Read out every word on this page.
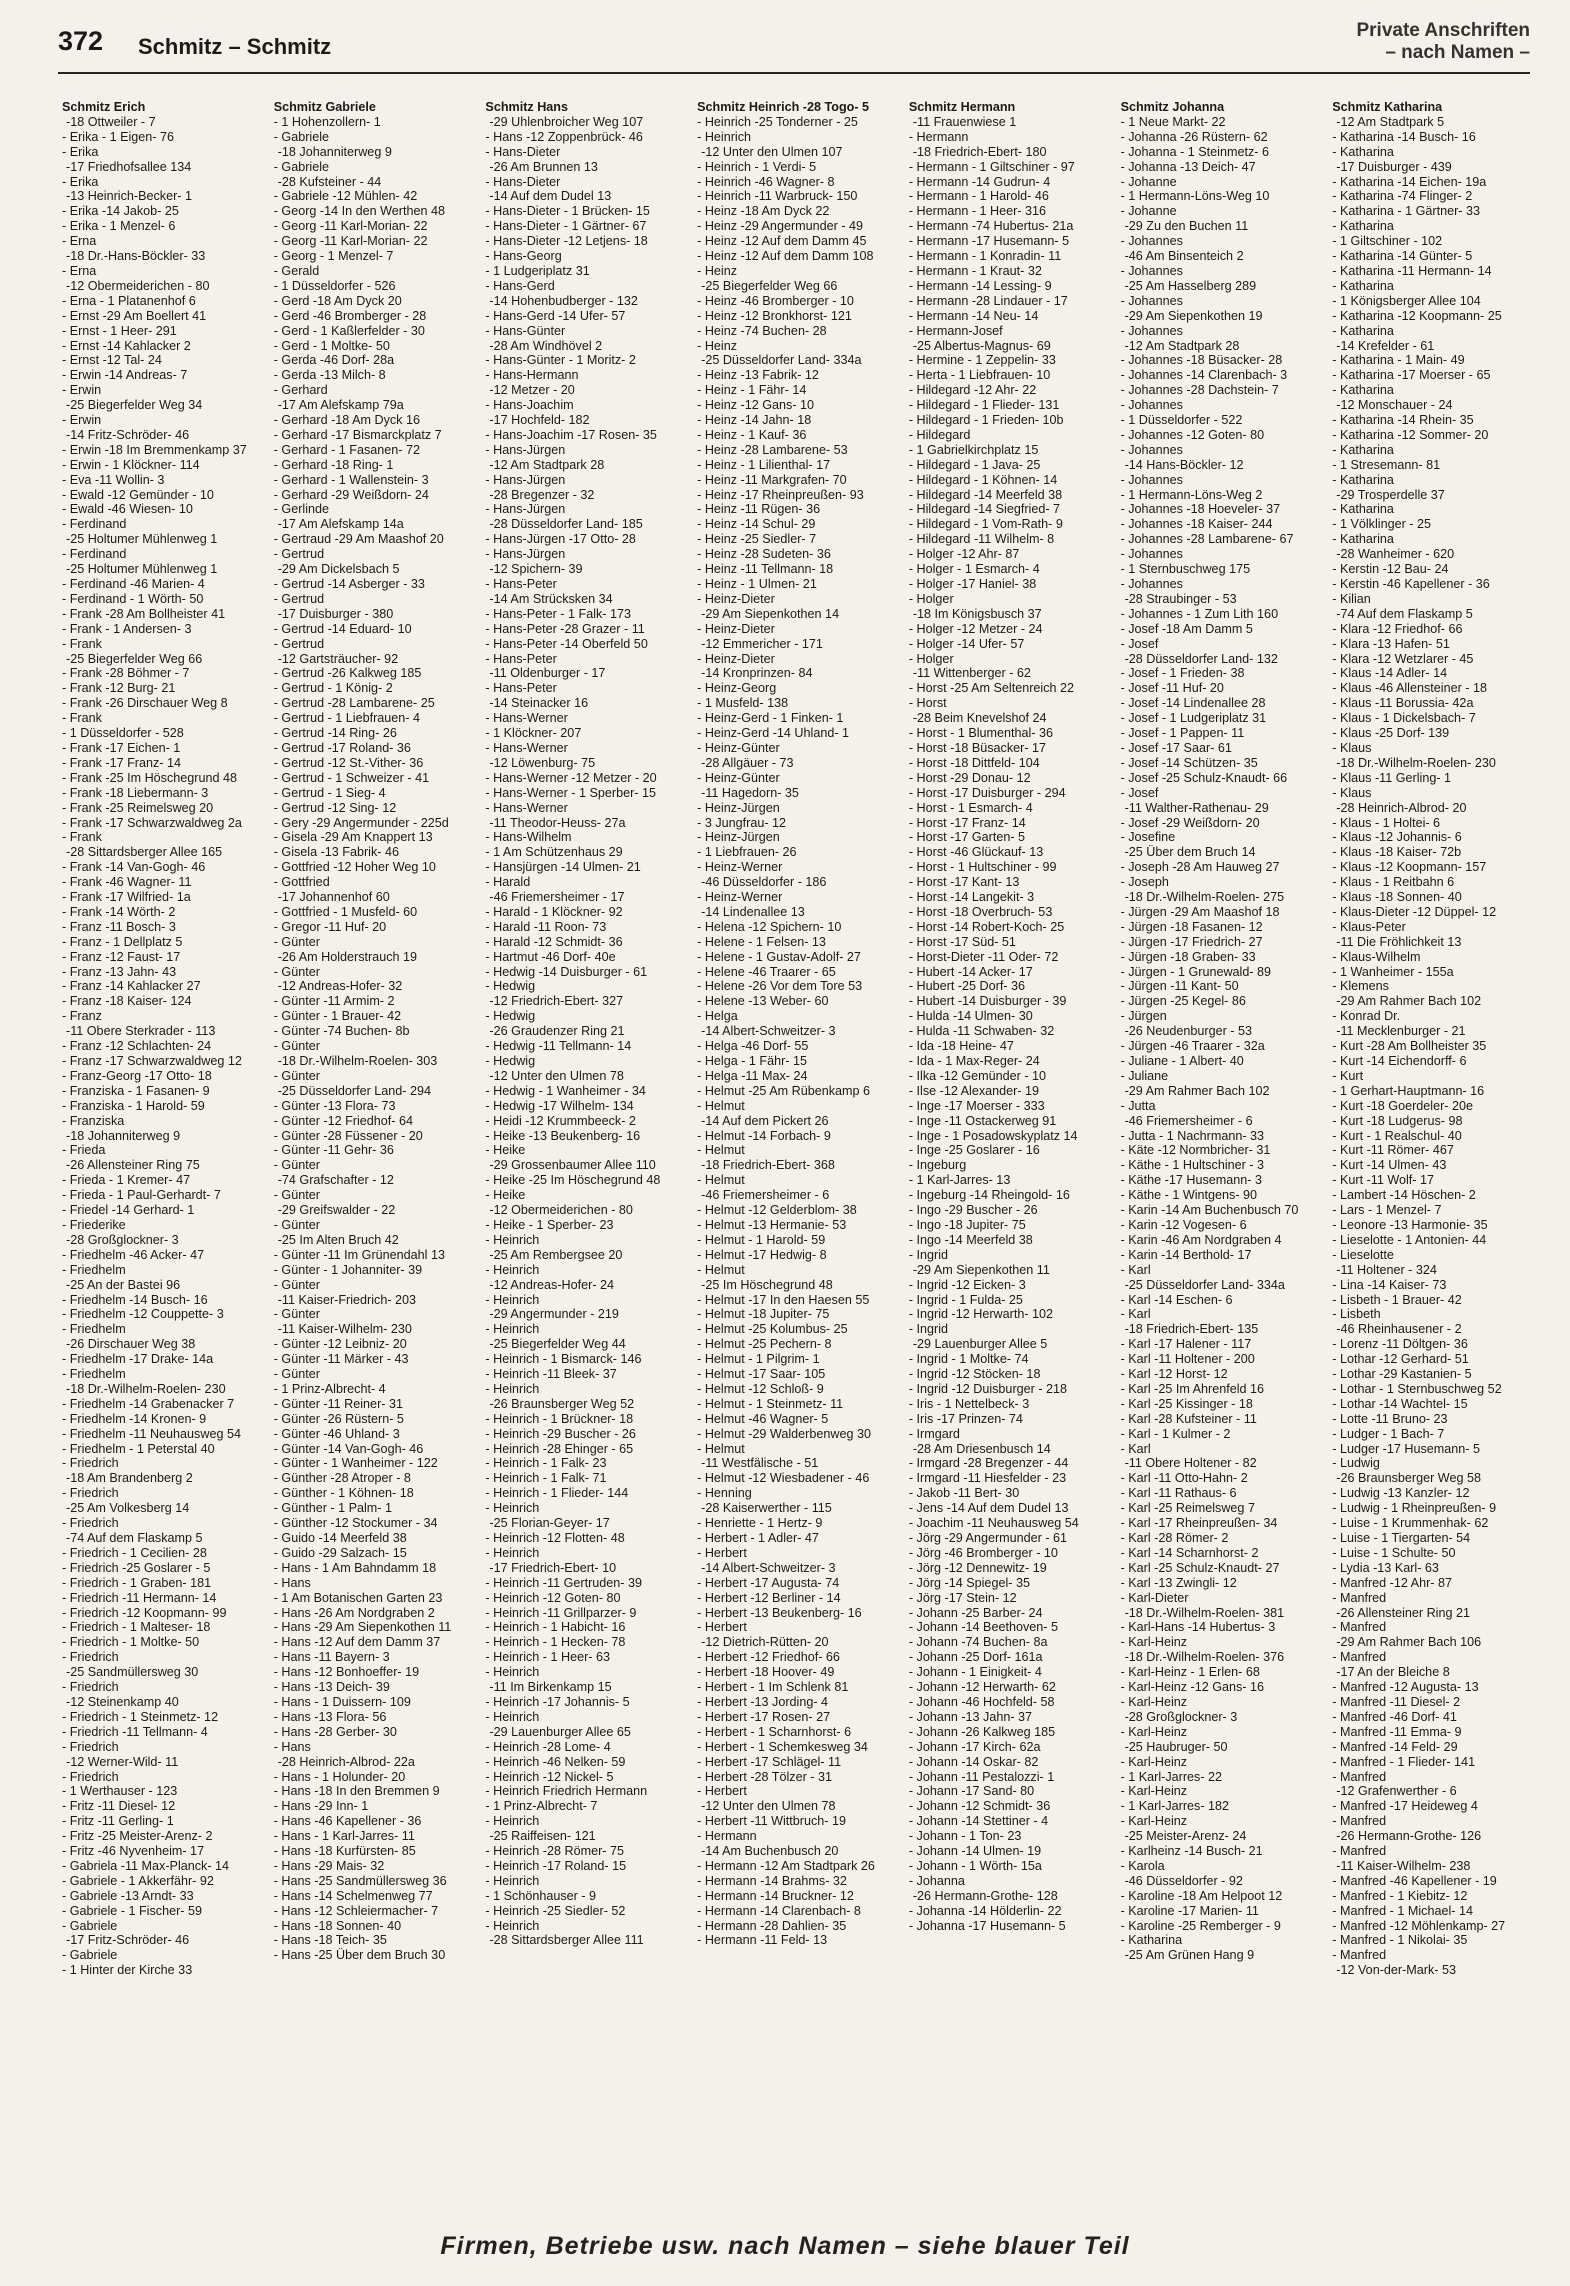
372 Schmitz – Schmitz
Private Anschriften
– nach Namen –
Schmitz Erich
-18 Ottweiler - 7
- Erika - 1 Eigen- 76
- Erika
-17 Friedhofsallee 134
- Erika
-13 Heinrich-Becker- 1
- Erika -14 Jakob- 25
- Erika - 1 Menzel- 6
- Erna
-18 Dr.-Hans-Böckler- 33
- Erna
-12 Obermeiderichen - 80
- Erna - 1 Platanenhof 6
- Ernst -29 Am Boellert 41
- Ernst - 1 Heer- 291
- Ernst -14 Kahlacker 2
- Ernst -12 Tal- 24
- Erwin -14 Andreas- 7
- Erwin
-25 Biegerfelder Weg 34
- Erwin
-14 Fritz-Schröder- 46
- Erwin -18 Im Bremmenkamp 37
- Erwin - 1 Klöckner- 114
- Eva -11 Wollin- 3
- Ewald -12 Gemünder - 10
- Ewald -46 Wiesen- 10
- Ferdinand
-25 Holtumer Mühlenweg 1
- Ferdinand
-25 Holtumer Mühlenweg 1
- Ferdinand -46 Marien- 4
- Ferdinand - 1 Wörth- 50
- Frank -28 Am Bollheister 41
- Frank - 1 Andersen- 3
- Frank
-25 Biegerfelder Weg 66
- Frank -28 Böhmer - 7
- Frank -12 Burg- 21
- Frank -26 Dirschauer Weg 8
- Frank
- 1 Düsseldorfer - 528
- Frank -17 Eichen- 1
- Frank -17 Franz- 14
- Frank -25 Im Höschegrund 48
- Frank -18 Liebermann- 3
- Frank -25 Reimelsweg 20
- Frank -17 Schwarzwaldweg 2a
- Frank
-28 Sittardsberger Allee 165
- Frank -14 Van-Gogh- 46
- Frank -46 Wagner- 11
- Frank -17 Wilfried- 1a
- Frank -14 Wörth- 2
- Franz -11 Bosch- 3
- Franz - 1 Dellplatz 5
- Franz -12 Faust- 17
- Franz -13 Jahn- 43
- Franz -14 Kahlacker 27
- Franz -18 Kaiser- 124
- Franz
-11 Obere Sterkrader - 113
- Franz -12 Schlachten- 24
- Franz -17 Schwarzwaldweg 12
- Franz-Georg -17 Otto- 18
- Franziska - 1 Fasanen- 9
- Franziska - 1 Harold- 59
- Franziska
-18 Johanniterweg 9
- Frieda
-26 Allensteiner Ring 75
- Frieda - 1 Kremer- 47
- Frieda - 1 Paul-Gerhardt- 7
- Friedel -14 Gerhard- 1
- Friederike
-28 Großglockner- 3
- Friedhelm -46 Acker- 47
- Friedhelm
-25 An der Bastei 96
- Friedhelm -14 Busch- 16
- Friedhelm -12 Couppette- 3
- Friedhelm
-26 Dirschauer Weg 38
- Friedhelm -17 Drake- 14a
- Friedhelm
-18 Dr.-Wilhelm-Roelen- 230
- Friedhelm -14 Grabenacker 7
- Friedhelm -14 Kronen- 9
- Friedhelm -11 Neuhausweg 54
- Friedhelm - 1 Peterstal 40
- Friedrich
-18 Am Brandenberg 2
- Friedrich
-25 Am Volkesberg 14
- Friedrich
-74 Auf dem Flaskamp 5
- Friedrich - 1 Cecilien- 28
- Friedrich -25 Goslarer - 5
- Friedrich - 1 Graben- 181
- Friedrich -11 Hermann- 14
- Friedrich -12 Koopmann- 99
- Friedrich - 1 Malteser- 18
- Friedrich - 1 Moltke- 50
- Friedrich
-25 Sandmüllersweg 30
- Friedrich
-12 Steinenkamp 40
- Friedrich - 1 Steinmetz- 12
- Friedrich -11 Tellmann- 4
- Friedrich
-12 Werner-Wild- 11
- Friedrich
- 1 Werthauser - 123
- Fritz -11 Diesel- 12
- Fritz -11 Gerling- 1
- Fritz -25 Meister-Arenz- 2
- Fritz -46 Nyvenheim- 17
- Gabriela -11 Max-Planck- 14
- Gabriele - 1 Akkerfähr- 92
- Gabriele -13 Arndt- 33
- Gabriele - 1 Fischer- 59
- Gabriele
-17 Fritz-Schröder- 46
- Gabriele
- 1 Hinter der Kirche 33
Schmitz Gabriele
- 1 Hohenzollern- 1
- Gabriele
-18 Johanniterweg 9
- Gabriele
-28 Kufsteiner - 44
- Gabriele -12 Mühlen- 42
- Georg -14 In den Werthen 48
- Georg -11 Karl-Morian- 22
- Georg -11 Karl-Morian- 22
- Georg - 1 Menzel- 7
- Gerald
- 1 Düsseldorfer - 526
- Gerd -18 Am Dyck 20
- Gerd -46 Bromberger - 28
- Gerd - 1 Kaßlerfelder - 30
- Gerd - 1 Moltke- 50
- Gerda -46 Dorf- 28a
- Gerda -13 Milch- 8
- Gerhard
-17 Am Alefskamp 79a
- Gerhard -18 Am Dyck 16
- Gerhard -17 Bismarckplatz 7
- Gerhard - 1 Fasanen- 72
- Gerhard -18 Ring- 1
- Gerhard - 1 Wallenstein- 3
- Gerhard -29 Weißdorn- 24
- Gerlinde
-17 Am Alefskamp 14a
- Gertraud -29 Am Maashof 20
- Gertrud
-29 Am Dickelsbach 5
- Gertrud -14 Asberger - 33
- Gertrud
-17 Duisburger - 380
- Gertrud -14 Eduard- 10
- Gertrud
-12 Gartsträucher- 92
- Gertrud -26 Kalkweg 185
- Gertrud - 1 König- 2
- Gertrud -28 Lambarene- 25
- Gertrud - 1 Liebfrauen- 4
- Gertrud -14 Ring- 26
- Gertrud -17 Roland- 36
- Gertrud -12 St.-Vither- 36
- Gertrud - 1 Schweizer - 41
- Gertrud - 1 Sieg- 4
- Gertrud -12 Sing- 12
- Gery -29 Angermunder - 225d
- Gisela -29 Am Knappert 13
- Gisela -13 Fabrik- 46
- Gottfried -12 Hoher Weg 10
- Gottfried
-17 Johannenhof 60
- Gottfried - 1 Musfeld- 60
- Gregor -11 Huf- 20
- Günter
-26 Am Holderstrauch 19
- Günter
-12 Andreas-Hofer- 32
- Günter -11 Armim- 2
- Günter - 1 Brauer- 42
- Günter -74 Buchen- 8b
- Günter
-18 Dr.-Wilhelm-Roelen- 303
- Günter
-25 Düsseldorfer Land- 294
- Günter -13 Flora- 73
- Günter -12 Friedhof- 64
- Günter -28 Füssener - 20
- Günter -11 Gehr- 36
- Günter
-74 Grafschafter - 12
- Günter
-29 Greifswalder - 22
- Günter
-25 Im Alten Bruch 42
- Günter -11 Im Grünendahl 13
- Günter - 1 Johanniter- 39
- Günter
-11 Kaiser-Friedrich- 203
- Günter
-11 Kaiser-Wilhelm- 230
- Günter -12 Leibniz- 20
- Günter -11 Märker - 43
- Günter
- 1 Prinz-Albrecht- 4
- Günter -11 Reiner- 31
- Günter -26 Rüstern- 5
- Günter -46 Uhland- 3
- Günter -14 Van-Gogh- 46
- Günter - 1 Wanheimer - 122
- Günther -28 Atroper - 8
- Günther - 1 Köhnen- 18
- Günther - 1 Palm- 1
- Günther -12 Stockumer - 34
- Guido -14 Meerfeld 38
- Guido -29 Salzach- 15
- Hans - 1 Am Bahndamm 18
- Hans
- 1 Am Botanischen Garten 23
- Hans -26 Am Nordgraben 2
- Hans -29 Am Siepenkothen 11
- Hans -12 Auf dem Damm 37
- Hans -11 Bayern- 3
- Hans -12 Bonhoeffer- 19
- Hans -13 Deich- 39
- Hans - 1 Duissern- 109
- Hans -13 Flora- 56
- Hans -28 Gerber- 30
- Hans
-28 Heinrich-Albrod- 22a
- Hans - 1 Holunder- 20
- Hans -18 In den Bremmen 9
- Hans -29 Inn- 1
- Hans -46 Kapellener - 36
- Hans - 1 Karl-Jarres- 11
- Hans -18 Kurfürsten- 85
- Hans -29 Mais- 32
- Hans -25 Sandmüllersweg 36
- Hans -14 Schelmenweg 77
- Hans -12 Schleiermacher- 7
- Hans -18 Sonnen- 40
- Hans -18 Teich- 35
- Hans -25 Über dem Bruch 30
Schmitz Hans
-29 Uhlenbroicher Weg 107
- Hans -12 Zoppenbrück- 46
- Hans-Dieter
-26 Am Brunnen 13
- Hans-Dieter
-14 Auf dem Dudel 13
- Hans-Dieter - 1 Brücken- 15
- Hans-Dieter - 1 Gärtner- 67
- Hans-Dieter -12 Letjens- 18
- Hans-Georg
- 1 Ludgeriplatz 31
- Hans-Gerd
-14 Hohenbudberger - 132
- Hans-Gerd -14 Ufer- 57
- Hans-Günter
-28 Am Windhövel 2
- Hans-Günter - 1 Moritz- 2
- Hans-Hermann
-12 Metzer - 20
- Hans-Joachim
-17 Hochfeld- 182
- Hans-Joachim -17 Rosen- 35
- Hans-Jürgen
-12 Am Stadtpark 28
- Hans-Jürgen
-28 Bregenzer - 32
- Hans-Jürgen
-28 Düsseldorfer Land- 185
- Hans-Jürgen -17 Otto- 28
- Hans-Jürgen
-12 Spichern- 39
- Hans-Peter
-14 Am Strücksken 34
- Hans-Peter - 1 Falk- 173
- Hans-Peter -28 Grazer - 11
- Hans-Peter -14 Oberfeld 50
- Hans-Peter
-11 Oldenburger - 17
- Hans-Peter
-14 Steinacker 16
- Hans-Werner
- 1 Klöckner- 207
- Hans-Werner
-12 Löwenburg- 75
- Hans-Werner -12 Metzer - 20
- Hans-Werner - 1 Sperber- 15
- Hans-Werner
-11 Theodor-Heuss- 27a
- Hans-Wilhelm
- 1 Am Schützenhaus 29
- Hansjürgen -14 Ulmen- 21
- Harald
-46 Friemersheimer - 17
- Harald - 1 Klöckner- 92
- Harald -11 Roon- 73
- Harald -12 Schmidt- 36
- Hartmut -46 Dorf- 40e
- Hedwig -14 Duisburger - 61
- Hedwig
-12 Friedrich-Ebert- 327
- Hedwig
-26 Graudenzer Ring 21
- Hedwig -11 Tellmann- 14
- Hedwig
-12 Unter den Ulmen 78
- Hedwig - 1 Wanheimer - 34
- Hedwig -17 Wilhelm- 134
- Heidi -12 Krummbeeck- 2
- Heike -13 Beukenberg- 16
- Heike
-29 Grossenbaumer Allee 110
- Heike -25 Im Höschegrund 48
- Heike
-12 Obermeiderichen - 80
- Heike - 1 Sperber- 23
- Heinrich
-25 Am Rembergsee 20
- Heinrich
-12 Andreas-Hofer- 24
- Heinrich
-29 Angermunder - 219
- Heinrich
-25 Biegerfelder Weg 44
- Heinrich - 1 Bismarck- 146
- Heinrich -11 Bleek- 37
- Heinrich
-26 Braunsberger Weg 52
- Heinrich - 1 Brückner- 18
- Heinrich -29 Buscher - 26
- Heinrich -28 Ehinger - 65
- Heinrich - 1 Falk- 23
- Heinrich - 1 Falk- 71
- Heinrich - 1 Flieder- 144
- Heinrich
-25 Florian-Geyer- 17
- Heinrich -12 Flotten- 48
- Heinrich
-17 Friedrich-Ebert- 10
- Heinrich -11 Gertruden- 39
- Heinrich -12 Goten- 80
- Heinrich -11 Grillparzer- 9
- Heinrich - 1 Habicht- 16
- Heinrich - 1 Hecken- 78
- Heinrich - 1 Heer- 63
- Heinrich
-11 Im Birkenkamp 15
- Heinrich -17 Johannis- 5
- Heinrich
-29 Lauenburger Allee 65
- Heinrich -28 Lome- 4
- Heinrich -46 Nelken- 59
- Heinrich -12 Nickel- 5
- Heinrich Friedrich Hermann
- 1 Prinz-Albrecht- 7
- Heinrich
-25 Raiffeisen- 121
- Heinrich -28 Römer- 75
- Heinrich -17 Roland- 15
- Heinrich
- 1 Schönhauser - 9
- Heinrich -25 Siedler- 52
- Heinrich
-28 Sittardsberger Allee 111
Schmitz Heinrich -28 Togo- 5
- Heinrich -25 Tonderner - 25
- Heinrich
-12 Unter den Ulmen 107
- Heinrich - 1 Verdi- 5
- Heinrich -46 Wagner- 8
- Heinrich -11 Warbruck- 150
- Heinz -18 Am Dyck 22
- Heinz -29 Angermunder - 49
- Heinz -12 Auf dem Damm 45
- Heinz -12 Auf dem Damm 108
- Heinz
-25 Biegerfelder Weg 66
- Heinz -46 Bromberger - 10
- Heinz -12 Bronkhorst- 121
- Heinz -74 Buchen- 28
- Heinz
-25 Düsseldorfer Land- 334a
- Heinz -13 Fabrik- 12
- Heinz - 1 Fähr- 14
- Heinz -12 Gans- 10
- Heinz -14 Jahn- 18
- Heinz - 1 Kauf- 36
- Heinz -28 Lambarene- 53
- Heinz - 1 Lilienthal- 17
- Heinz -11 Markgrafen- 70
- Heinz -17 Rheinpreußen- 93
- Heinz -11 Rügen- 36
- Heinz -14 Schul- 29
- Heinz -25 Siedler- 7
- Heinz -28 Sudeten- 36
- Heinz -11 Tellmann- 18
- Heinz - 1 Ulmen- 21
- Heinz-Dieter
-29 Am Siepenkothen 14
- Heinz-Dieter
-12 Emmericher - 171
- Heinz-Dieter
-14 Kronprinzen- 84
- Heinz-Georg
- 1 Musfeld- 138
- Heinz-Gerd - 1 Finken- 1
- Heinz-Gerd -14 Uhland- 1
- Heinz-Günter
-28 Allgäuer - 73
- Heinz-Günter
-11 Hagedorn- 35
- Heinz-Jürgen
- 3 Jungfrau- 12
- Heinz-Jürgen
- 1 Liebfrauen- 26
- Heinz-Werner
-46 Düsseldorfer - 186
- Heinz-Werner
-14 Lindenallee 13
- Helena -12 Spichern- 10
- Helene - 1 Felsen- 13
- Helene - 1 Gustav-Adolf- 27
- Helene -46 Traarer - 65
- Helene -26 Vor dem Tore 53
- Helene -13 Weber- 60
- Helga
-14 Albert-Schweitzer- 3
- Helga -46 Dorf- 55
- Helga - 1 Fähr- 15
- Helga -11 Max- 24
- Helmut -25 Am Rübenkamp 6
- Helmut
-14 Auf dem Pickert 26
- Helmut -14 Forbach- 9
- Helmut
-18 Friedrich-Ebert- 368
- Helmut
-46 Friemersheimer - 6
- Helmut -12 Gelderblom- 38
- Helmut -13 Hermanie- 53
- Helmut - 1 Harold- 59
- Helmut -17 Hedwig- 8
- Helmut
-25 Im Höschegrund 48
- Helmut -17 In den Haesen 55
- Helmut -18 Jupiter- 75
- Helmut -25 Kolumbus- 25
- Helmut -25 Pechern- 8
- Helmut - 1 Pilgrim- 1
- Helmut -17 Saar- 105
- Helmut -12 Schloß- 9
- Helmut - 1 Steinmetz- 11
- Helmut -46 Wagner- 5
- Helmut -29 Walderbenweg 30
- Helmut
-11 Westfälische - 51
- Helmut -12 Wiesbadener - 46
- Henning
-28 Kaiserwerther - 115
- Henriette - 1 Hertz- 9
- Herbert - 1 Adler- 47
- Herbert
-14 Albert-Schweitzer- 3
- Herbert -17 Augusta- 74
- Herbert -12 Berliner - 14
- Herbert -13 Beukenberg- 16
- Herbert
-12 Dietrich-Rütten- 20
- Herbert -12 Friedhof- 66
- Herbert -18 Hoover- 49
- Herbert - 1 Im Schlenk 81
- Herbert -13 Jording- 4
- Herbert -17 Rosen- 27
- Herbert - 1 Scharnhorst- 6
- Herbert - 1 Schemkesweg 34
- Herbert -17 Schlägel- 11
- Herbert -28 Tölzer - 31
- Herbert
-12 Unter den Ulmen 78
- Herbert -11 Wittbruch- 19
- Hermann
-14 Am Buchenbusch 20
- Hermann -12 Am Stadtpark 26
- Hermann -14 Brahms- 32
- Hermann -14 Bruckner- 12
- Hermann -14 Clarenbach- 8
- Hermann -28 Dahlien- 35
- Hermann -11 Feld- 13
Schmitz Hermann
-11 Frauenwiese 1
- Hermann
-18 Friedrich-Ebert- 180
- Hermann - 1 Giltschiner - 97
- Hermann -14 Gudrun- 4
- Hermann - 1 Harold- 46
- Hermann - 1 Heer- 316
- Hermann -74 Hubertus- 21a
- Hermann -17 Husemann- 5
- Hermann - 1 Konradin- 11
- Hermann - 1 Kraut- 32
- Hermann -14 Lessing- 9
- Hermann -28 Lindauer - 17
- Hermann -14 Neu- 14
- Hermann-Josef
-25 Albertus-Magnus- 69
- Hermine - 1 Zeppelin- 33
- Herta - 1 Liebfrauen- 10
- Hildegard -12 Ahr- 22
- Hildegard - 1 Flieder- 131
- Hildegard - 1 Frieden- 10b
- Hildegard
- 1 Gabrielkirchplatz 15
- Hildegard - 1 Java- 25
- Hildegard - 1 Köhnen- 14
- Hildegard -14 Meerfeld 38
- Hildegard -14 Siegfried- 7
- Hildegard - 1 Vom-Rath- 9
- Hildegard -11 Wilhelm- 8
- Holger -12 Ahr- 87
- Holger - 1 Esmarch- 4
- Holger -17 Haniel- 38
- Holger
-18 Im Königsbusch 37
- Holger -12 Metzer - 24
- Holger -14 Ufer- 57
- Holger
-11 Wittenberger - 62
- Horst -25 Am Seltenreich 22
- Horst
-28 Beim Knevelshof 24
- Horst - 1 Blumenthal- 36
- Horst -18 Büsacker- 17
- Horst -18 Dittfeld- 104
- Horst -29 Donau- 12
- Horst -17 Duisburger - 294
- Horst - 1 Esmarch- 4
- Horst -17 Franz- 14
- Horst -17 Garten- 5
- Horst -46 Glückauf- 13
- Horst - 1 Hultschiner - 99
- Horst -17 Kant- 13
- Horst -14 Langekit- 3
- Horst -18 Overbruch- 53
- Horst -14 Robert-Koch- 25
- Horst -17 Süd- 51
- Horst-Dieter -11 Oder- 72
- Hubert -14 Acker- 17
- Hubert -25 Dorf- 36
- Hubert -14 Duisburger - 39
- Hulda -14 Ulmen- 30
- Hulda -11 Schwaben- 32
- Ida -18 Heine- 47
- Ida - 1 Max-Reger- 24
- Ilka -12 Gemünder - 10
- Ilse -12 Alexander- 19
- Inge -17 Moerser - 333
- Inge -11 Ostackerweg 91
- Inge - 1 Posadowskyplatz 14
- Inge -25 Goslarer - 16
- Ingeburg
- 1 Karl-Jarres- 13
- Ingeburg -14 Rheingold- 16
- Ingo -29 Buscher - 26
- Ingo -18 Jupiter- 75
- Ingo -14 Meerfeld 38
- Ingrid
-29 Am Siepenkothen 11
- Ingrid -12 Eicken- 3
- Ingrid - 1 Fulda- 25
- Ingrid -12 Herwarth- 102
- Ingrid
-29 Lauenburger Allee 5
- Ingrid - 1 Moltke- 74
- Ingrid -12 Stöcken- 18
- Ingrid -12 Duisburger - 218
- Iris - 1 Nettelbeck- 3
- Iris -17 Prinzen- 74
- Irmgard
-28 Am Driesenbusch 14
- Irmgard -28 Bregenzer - 44
- Irmgard -11 Hiesfelder - 23
- Jakob -11 Bert- 30
- Jens -14 Auf dem Dudel 13
- Joachim -11 Neuhausweg 54
- Jörg -29 Angermunder - 61
- Jörg -46 Bromberger - 10
- Jörg -12 Dennewitz- 19
- Jörg -14 Spiegel- 35
- Jörg -17 Stein- 12
- Johann -25 Barber- 24
- Johann -14 Beethoven- 5
- Johann -74 Buchen- 8a
- Johann -25 Dorf- 161a
- Johann - 1 Einigkeit- 4
- Johann -12 Herwarth- 62
- Johann -46 Hochfeld- 58
- Johann -13 Jahn- 37
- Johann -26 Kalkweg 185
- Johann -17 Kirch- 62a
- Johann -14 Oskar- 82
- Johann -11 Pestalozzi- 1
- Johann -17 Sand- 80
- Johann -12 Schmidt- 36
- Johann -14 Stettiner - 4
- Johann - 1 Ton- 23
- Johann -14 Ulmen- 19
- Johann - 1 Wörth- 15a
- Johanna
-26 Hermann-Grothe- 128
- Johanna -14 Hölderlin- 22
- Johanna -17 Husemann- 5
Schmitz Johanna
- 1 Neue Markt- 22
- Johanna -26 Rüstern- 62
- Johanna - 1 Steinmetz- 6
- Johanna -13 Deich- 47
- Johanne
- 1 Hermann-Löns-Weg 10
- Johanne
-29 Zu den Buchen 11
- Johannes
-46 Am Binsenteich 2
- Johannes
-25 Am Hasselberg 289
- Johannes
-29 Am Siepenkothen 19
- Johannes
-12 Am Stadtpark 28
- Johannes -18 Büsacker- 28
- Johannes -14 Clarenbach- 3
- Johannes -28 Dachstein- 7
- Johannes
- 1 Düsseldorfer - 522
- Johannes -12 Goten- 80
- Johannes
-14 Hans-Böckler- 12
- Johannes
- 1 Hermann-Löns-Weg 2
- Johannes -18 Hoeveler- 37
- Johannes -18 Kaiser- 244
- Johannes -28 Lambarene- 67
- Johannes
- 1 Sternbuschweg 175
- Johannes
-28 Straubinger - 53
- Johannes - 1 Zum Lith 160
- Josef -18 Am Damm 5
- Josef
-28 Düsseldorfer Land- 132
- Josef - 1 Frieden- 38
- Josef -11 Huf- 20
- Josef -14 Lindenallee 28
- Josef - 1 Ludgeriplatz 31
- Josef - 1 Pappen- 11
- Josef -17 Saar- 61
- Josef -14 Schützen- 35
- Josef -25 Schulz-Knaudt- 66
- Josef
-11 Walther-Rathenau- 29
- Josef -29 Weißdorn- 20
- Josefine
-25 Über dem Bruch 14
- Joseph -28 Am Hauweg 27
- Joseph
-18 Dr.-Wilhelm-Roelen- 275
- Jürgen -29 Am Maashof 18
- Jürgen -18 Fasanen- 12
- Jürgen -17 Friedrich- 27
- Jürgen -18 Graben- 33
- Jürgen - 1 Grunewald- 89
- Jürgen -11 Kant- 50
- Jürgen -25 Kegel- 86
- Jürgen
-26 Neudenburger - 53
- Jürgen -46 Traarer - 32a
- Juliane - 1 Albert- 40
- Juliane
-29 Am Rahmer Bach 102
- Jutta
-46 Friemersheimer - 6
- Jutta - 1 Nachrmann- 33
- Käte -12 Normbricher- 31
- Käthe - 1 Hultschiner - 3
- Käthe -17 Husemann- 3
- Käthe - 1 Wintgens- 90
- Karin -14 Am Buchenbusch 70
- Karin -12 Vogesen- 6
- Karin -46 Am Nordgraben 4
- Karin -14 Berthold- 17
- Karl
-25 Düsseldorfer Land- 334a
- Karl -14 Eschen- 6
- Karl
-18 Friedrich-Ebert- 135
- Karl -17 Halener - 117
- Karl -11 Holtener - 200
- Karl -12 Horst- 12
- Karl -25 Im Ahrenfeld 16
- Karl -25 Kissinger - 18
- Karl -28 Kufsteiner - 11
- Karl - 1 Kulmer - 2
- Karl
-11 Obere Holtener - 82
- Karl -11 Otto-Hahn- 2
- Karl -11 Rathaus- 6
- Karl -25 Reimelsweg 7
- Karl -17 Rheinpreußen- 34
- Karl -28 Römer- 2
- Karl -14 Scharnhorst- 2
- Karl -25 Schulz-Knaudt- 27
- Karl -13 Zwingli- 12
- Karl-Dieter
-18 Dr.-Wilhelm-Roelen- 381
- Karl-Hans -14 Hubertus- 3
- Karl-Heinz
-18 Dr.-Wilhelm-Roelen- 376
- Karl-Heinz - 1 Erlen- 68
- Karl-Heinz -12 Gans- 16
- Karl-Heinz
-28 Großglockner- 3
- Karl-Heinz
-25 Haubruger- 50
- Karl-Heinz
- 1 Karl-Jarres- 22
- Karl-Heinz
- 1 Karl-Jarres- 182
- Karl-Heinz
-25 Meister-Arenz- 24
- Karlheinz -14 Busch- 21
- Karola
-46 Düsseldorfer - 92
- Karoline -18 Am Helpoot 12
- Karoline -17 Marien- 11
- Karoline -25 Remberger - 9
- Katharina
-25 Am Grünen Hang 9
Schmitz Katharina
-12 Am Stadtpark 5
- Katharina -14 Busch- 16
- Katharina
-17 Duisburger - 439
- Katharina -14 Eichen- 19a
- Katharina -74 Flinger- 2
- Katharina - 1 Gärtner- 33
- Katharina
- 1 Giltschiner - 102
- Katharina -14 Günter- 5
- Katharina -11 Hermann- 14
- Katharina
- 1 Königsberger Allee 104
- Katharina -12 Koopmann- 25
- Katharina
-14 Krefelder - 61
- Katharina - 1 Main- 49
- Katharina -17 Moerser - 65
- Katharina
-12 Monschauer - 24
- Katharina -14 Rhein- 35
- Katharina -12 Sommer- 20
- Katharina
- 1 Stresemann- 81
- Katharina
-29 Trosperdelle 37
- Katharina
- 1 Völklinger - 25
- Katharina
-28 Wanheimer - 620
- Kerstin -12 Bau- 24
- Kerstin -46 Kapellener - 36
- Kilian
-74 Auf dem Flaskamp 5
- Klara -12 Friedhof- 66
- Klara -13 Hafen- 51
- Klara -12 Wetzlarer - 45
- Klaus -14 Adler- 14
- Klaus -46 Allensteiner - 18
- Klaus -11 Borussia- 42a
- Klaus - 1 Dickelsbach- 7
- Klaus -25 Dorf- 139
- Klaus
-18 Dr.-Wilhelm-Roelen- 230
- Klaus -11 Gerling- 1
- Klaus
-28 Heinrich-Albrod- 20
- Klaus - 1 Holtei- 6
- Klaus -12 Johannis- 6
- Klaus -18 Kaiser- 72b
- Klaus -12 Koopmann- 157
- Klaus - 1 Reitbahn 6
- Klaus -18 Sonnen- 40
- Klaus-Dieter -12 Düppel- 12
- Klaus-Peter
-11 Die Fröhlichkeit 13
- Klaus-Wilhelm
- 1 Wanheimer - 155a
- Klemens
-29 Am Rahmer Bach 102
- Konrad Dr.
-11 Mecklenburger - 21
- Kurt -28 Am Bollheister 35
- Kurt -14 Eichendorff- 6
- Kurt
- 1 Gerhart-Hauptmann- 16
- Kurt -18 Goerdeler- 20e
- Kurt -18 Ludgerus- 98
- Kurt - 1 Realschul- 40
- Kurt -11 Römer- 467
- Kurt -14 Ulmen- 43
- Kurt -11 Wolf- 17
- Lambert -14 Höschen- 2
- Lars - 1 Menzel- 7
- Leonore -13 Harmonie- 35
- Lieselotte - 1 Antonien- 44
- Lieselotte
-11 Holtener - 324
- Lina -14 Kaiser- 73
- Lisbeth - 1 Brauer- 42
- Lisbeth
-46 Rheinhausener - 2
- Lorenz -11 Döltgen- 36
- Lothar -12 Gerhard- 51
- Lothar -29 Kastanien- 5
- Lothar - 1 Sternbuschweg 52
- Lothar -14 Wachtel- 15
- Lotte -11 Bruno- 23
- Ludger - 1 Bach- 7
- Ludger -17 Husemann- 5
- Ludwig
-26 Braunsberger Weg 58
- Ludwig -13 Kanzler- 12
- Ludwig - 1 Rheinpreußen- 9
- Luise - 1 Krummenhak- 62
- Luise - 1 Tiergarten- 54
- Luise - 1 Schulte- 50
- Lydia -13 Karl- 63
- Manfred -12 Ahr- 87
- Manfred
-26 Allensteiner Ring 21
- Manfred
-29 Am Rahmer Bach 106
- Manfred
-17 An der Bleiche 8
- Manfred -12 Augusta- 13
- Manfred -11 Diesel- 2
- Manfred -46 Dorf- 41
- Manfred -11 Emma- 9
- Manfred -14 Feld- 29
- Manfred - 1 Flieder- 141
- Manfred
-12 Grafenwerther - 6
- Manfred -17 Heideweg 4
- Manfred
-26 Hermann-Grothe- 126
- Manfred
-11 Kaiser-Wilhelm- 238
- Manfred -46 Kapellener - 19
- Manfred - 1 Kiebitz- 12
- Manfred - 1 Michael- 14
- Manfred -12 Möhlenkamp- 27
- Manfred - 1 Nikolai- 35
- Manfred
-12 Von-der-Mark- 53
Firmen, Betriebe usw. nach Namen – siehe blauer Teil
